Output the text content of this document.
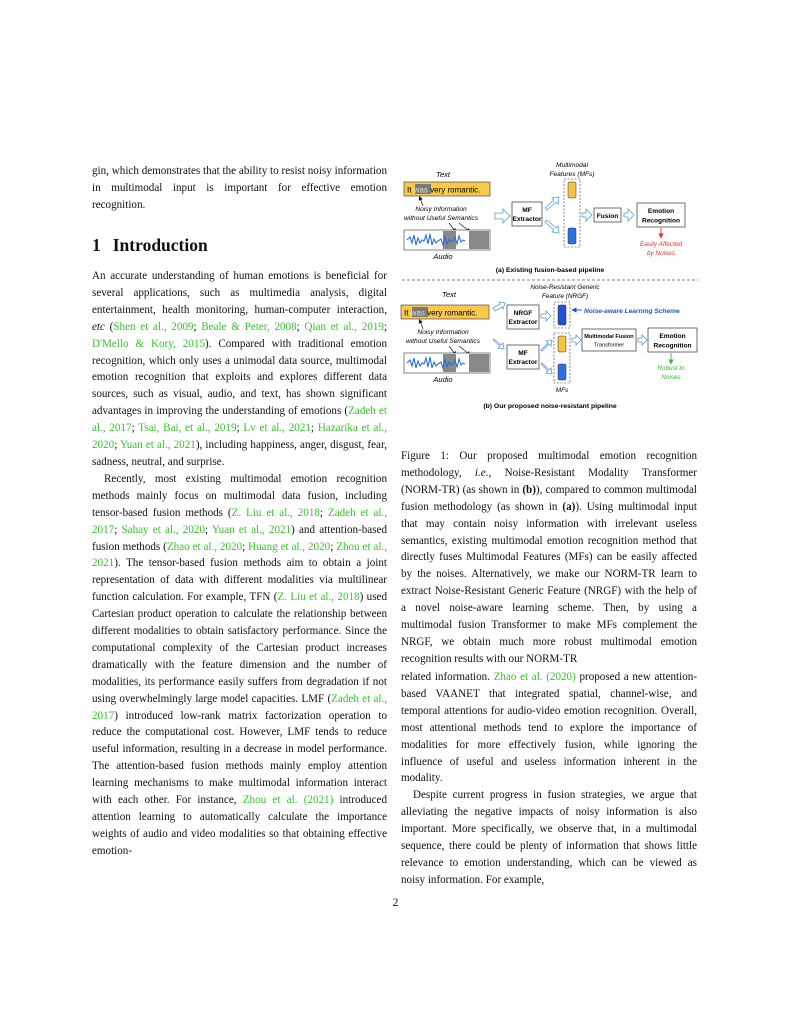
gin, which demonstrates that the ability to resist noisy information in multimodal input is important for effective emotion recognition.

1 Introduction

An accurate understanding of human emotions is beneficial for several applications, such as multimedia analysis, digital entertainment, health monitoring, human-computer interaction, etc (Shen et al., 2009; Beale & Peter, 2008; Qian et al., 2019; D'Mello & Kory, 2015). Compared with traditional emotion recognition, which only uses a unimodal data source, multimodal emotion recognition that exploits and explores different data sources, such as visual, audio, and text, has shown significant advantages in improving the understanding of emotions (Zadeh et al., 2017; Tsai, Bai, et al., 2019; Lv et al., 2021; Hazarika et al., 2020; Yuan et al., 2021), including happiness, anger, disgust, fear, sadness, neutral, and surprise.

Recently, most existing multimodal emotion recognition methods mainly focus on multimodal data fusion, including tensor-based fusion methods (Z. Liu et al., 2018; Zadeh et al., 2017; Sahay et al., 2020; Yuan et al., 2021) and attention-based fusion methods (Zhao et al., 2020; Huang et al., 2020; Zhou et al., 2021). The tensor-based fusion methods aim to obtain a joint representation of data with different modalities via multilinear function calculation. For example, TFN (Z. Liu et al., 2018) used Cartesian product operation to calculate the relationship between different modalities to obtain satisfactory performance. Since the computational complexity of the Cartesian product increases dramatically with the feature dimension and the number of modalities, its performance easily suffers from degradation if not using overwhelmingly large model capacities. LMF (Zadeh et al., 2017) introduced low-rank matrix factorization operation to reduce the computational cost. However, LMF tends to reduce useful information, resulting in a decrease in model performance. The attention-based fusion methods mainly employ attention learning mechanisms to make multimodal information interact with each other. For instance, Zhou et al. (2021) introduced attention learning to automatically calculate the importance weights of audio and video modalities so that obtaining effective emotion-

Text
It was very romantic.
Noisy Information
without Useful Semantics
Audio
MF
Extractor
Multimodal
Features (MFs)
Fusion
Emotion
Recognition
Easily Affected
by Noises
(a) Existing fusion-based pipeline
Text
It was very romantic.
Noisy Information
without Useful Semantics
Audio
NRGF
Extractor
MF
Extractor
Noise-Resistant Generic
Feature (NRGF)
Noise-aware Learning Scheme
MFs
Multimodal Fusion
Transformer
Emotion
Recognition
Robust to
Noises
(b) Our proposed noise-resistant pipeline

Figure 1: Our proposed multimodal emotion recognition methodology, i.e., Noise-Resistant Modality Transformer (NORM-TR) (as shown in (b)), compared to common multimodal fusion methodology (as shown in (a)). Using multimodal input that may contain noisy information with irrelevant useless semantics, existing multimodal emotion recognition method that directly fuses Multimodal Features (MFs) can be easily affected by the noises. Alternatively, we make our NORM-TR learn to extract Noise-Resistant Generic Feature (NRGF) with the help of a novel noise-aware learning scheme. Then, by using a multimodal fusion Transformer to make MFs complement the NRGF, we obtain much more robust multimodal emotion recognition results with our NORM-TR

related information. Zhao et al. (2020) proposed a new attention-based VAANET that integrated spatial, channel-wise, and temporal attentions for audio-video emotion recognition. Overall, most attentional methods tend to explore the importance of modalities for more effectively fusion, while ignoring the influence of useful and useless information inherent in the modality.

Despite current progress in fusion strategies, we argue that alleviating the negative impacts of noisy information is also important. More specifically, we observe that, in a multimodal sequence, there could be plenty of information that shows little relevance to emotion understanding, which can be viewed as noisy information. For example,

2
